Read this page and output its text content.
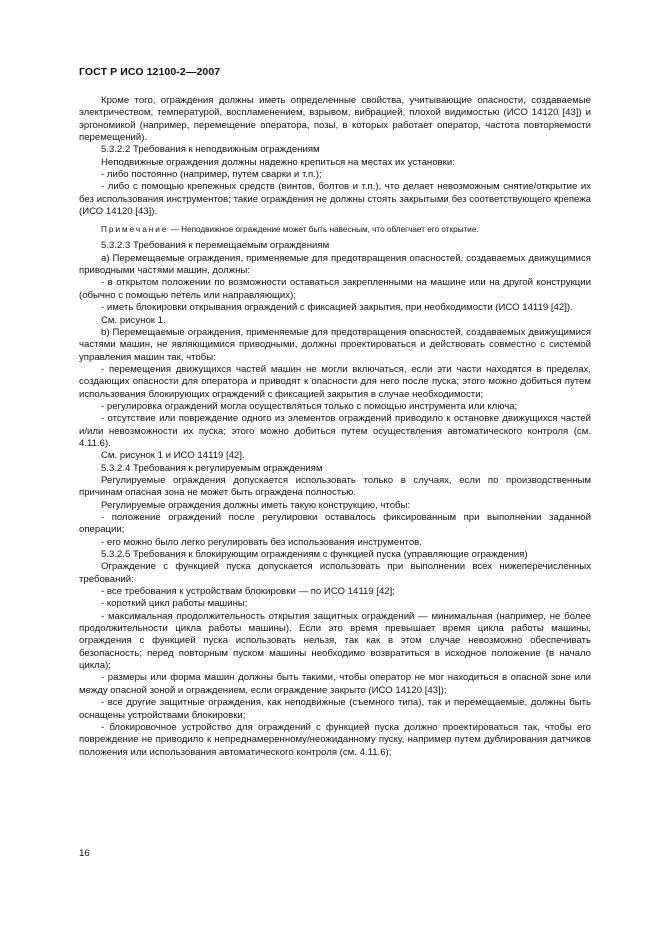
ГОСТ Р ИСО 12100-2—2007

Кроме того, ограждения должны иметь определенные свойства, учитывающие опасности, создаваемые электричеством, температурой, воспламенением, взрывом, вибрацией, плохой видимостью (ИСО 14120 [43]) и эргономикой (например, перемещение оператора, позы, в которых работает оператор, частота повторяемости перемещений).

5.3.2.2 Требования к неподвижным ограждениям

Неподвижные ограждения должны надежно крепиться на местах их установки:

- либо постоянно (например, путем сварки и т.п.);

- либо с помощью крепежных средств (винтов, болтов и т.п.), что делает невозможным снятие/открытие их без использования инструментов; такие ограждения не должны стоять закрытыми без соответствующего крепежа (ИСО 14120 [43]).

Примечание — Неподвижное ограждение может быть навесным, что облегчает его открытие.

5.3.2.3 Требования к перемещаемым ограждениям

а) Перемещаемые ограждения, применяемые для предотвращения опасностей, создаваемых движущимися приводными частями машин, должны:

- в открытом положении по возможности оставаться закрепленными на машине или на другой конструкции (обычно с помощью петель или направляющих);

- иметь блокировки открывания ограждений с фиксацией закрытия, при необходимости (ИСО 14119 [42]).

См. рисунок 1.

b) Перемещаемые ограждения, применяемые для предотвращения опасностей, создаваемых движущимися частями машин, не являющимися приводными, должны проектироваться и действовать совместно с системой управления машин так, чтобы:

- перемещения движущихся частей машин не могли включаться, если эти части находятся в пределах, создающих опасности для оператора и приводят к опасности для него после пуска; этого можно добиться путем использования блокирующих ограждений с фиксацией закрытия в случае необходимости;

- регулировка ограждений могла осуществляться только с помощью инструмента или ключа;

- отсутствие или повреждение одного из элементов ограждений приводило к остановке движущихся частей и/или невозможности их пуска; этого можно добиться путем осуществления автоматического контроля (см. 4.11.6).

См. рисунок 1 и ИСО 14119 [42].

5.3.2.4 Требования к регулируемым ограждениям

Регулируемые ограждения допускается использовать только в случаях, если по производственным причинам опасная зона не может быть ограждена полностью.

Регулируемые ограждения должны иметь такую конструкцию, чтобы:

- положение ограждений после регулировки оставалось фиксированным при выполнении заданной операции;

- его можно было легко регулировать без использования инструментов.

5.3.2.5 Требования к блокирующим ограждениям с функцией пуска (управляющие ограждения)

Ограждение с функцией пуска допускается использовать при выполнении всех нижеперечисленных требований:

- все требования к устройствам блокировки — по ИСО 14119 [42];

- короткий цикл работы машины;

- максимальная продолжительность открытия защитных ограждений — минимальная (например, не более продолжительности цикла работы машины). Если это время превышает время цикла работы машины, ограждения с функцией пуска использовать нельзя, так как в этом случае невозможно обеспечивать безопасность; перед повторным пуском машины необходимо возвратиться в исходное положение (в начало цикла);

- размеры или форма машин должны быть такими, чтобы оператор не мог находиться в опасной зоне или между опасной зоной и ограждением, если ограждение закрыто (ИСО 14120 [43]);

- все другие защитные ограждения, как неподвижные (съемного типа), так и перемещаемые, должны быть оснащены устройствами блокировки;

- блокировочное устройство для ограждений с функцией пуска должно проектироваться так, чтобы его повреждение не приводило к непреднамеренному/неожиданному пуску, например путем дублирования датчиков положения или использования автоматического контроля (см. 4.11.6);

16
